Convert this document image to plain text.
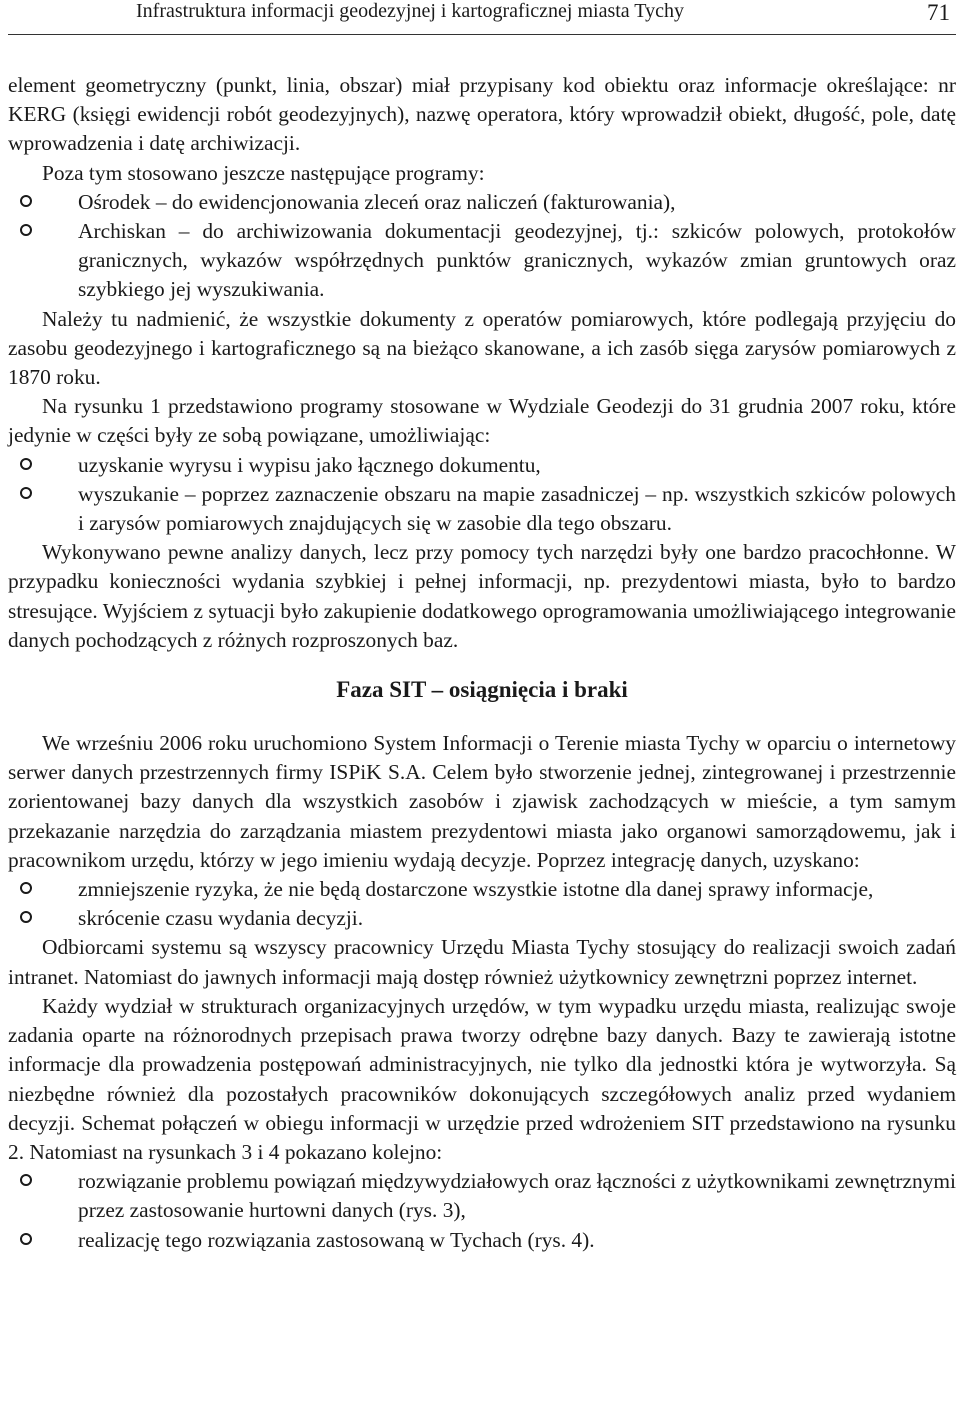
Infrastruktura informacji geodezyjnej i kartograficznej miasta Tychy	71

element geometryczny (punkt, linia, obszar) miał przypisany kod obiektu oraz informacje określające: nr KERG (księgi ewidencji robót geodezyjnych), nazwę operatora, który wprowadził obiekt, długość, pole, datę wprowadzenia i datę archiwizacji.

Poza tym stosowano jeszcze następujące programy:

Ośrodek – do ewidencjonowania zleceń oraz naliczeń (fakturowania),
Archiskan – do archiwizowania dokumentacji geodezyjnej, tj.: szkiców polowych, protokołów granicznych, wykazów współrzędnych punktów granicznych, wykazów zmian gruntowych oraz szybkiego jej wyszukiwania.

Należy tu nadmienić, że wszystkie dokumenty z operatów pomiarowych, które podlegają przyjęciu do zasobu geodezyjnego i kartograficznego są na bieżąco skanowane, a ich zasób sięga zarysów pomiarowych z 1870 roku.

Na rysunku 1 przedstawiono programy stosowane w Wydziale Geodezji do 31 grudnia 2007 roku, które jedynie w części były ze sobą powiązane, umożliwiając:

uzyskanie wyrysu i wypisu jako łącznego dokumentu,
wyszukanie – poprzez zaznaczenie obszaru na mapie zasadniczej – np. wszystkich szkiców polowych i zarysów pomiarowych znajdujących się w zasobie dla tego obszaru.

Wykonywano pewne analizy danych, lecz przy pomocy tych narzędzi były one bardzo pracochłonne. W przypadku konieczności wydania szybkiej i pełnej informacji, np. prezydentowi miasta, było to bardzo stresujące. Wyjściem z sytuacji było zakupienie dodatkowego oprogramowania umożliwiającego integrowanie danych pochodzących z różnych rozproszonych baz.

Faza SIT – osiągnięcia i braki

We wrześniu 2006 roku uruchomiono System Informacji o Terenie miasta Tychy w oparciu o internetowy serwer danych przestrzennych firmy ISPiK S.A. Celem było stworzenie jednej, zintegrowanej i przestrzennie zorientowanej bazy danych dla wszystkich zasobów i zjawisk zachodzących w mieście, a tym samym przekazanie narzędzia do zarządzania miastem prezydentowi miasta jako organowi samorządowemu, jak i pracownikom urzędu, którzy w jego imieniu wydają decyzje. Poprzez integrację danych, uzyskano:

zmniejszenie ryzyka, że nie będą dostarczone wszystkie istotne dla danej sprawy informacje,
skrócenie czasu wydania decyzji.

Odbiorcami systemu są wszyscy pracownicy Urzędu Miasta Tychy stosujący do realizacji swoich zadań intranet. Natomiast do jawnych informacji mają dostęp również użytkownicy zewnętrzni poprzez internet.

Każdy wydział w strukturach organizacyjnych urzędów, w tym wypadku urzędu miasta, realizując swoje zadania oparte na różnorodnych przepisach prawa tworzy odrębne bazy danych. Bazy te zawierają istotne informacje dla prowadzenia postępowań administracyjnych, nie tylko dla jednostki która je wytworzyła. Są niezbędne również dla pozostałych pracowników dokonujących szczegółowych analiz przed wydaniem decyzji. Schemat połączeń w obiegu informacji w urzędzie przed wdrożeniem SIT przedstawiono na rysunku 2. Natomiast na rysunkach 3 i 4 pokazano kolejno:

rozwiązanie problemu powiązań międzywydziałowych oraz łączności z użytkownikami zewnętrznymi przez zastosowanie hurtowni danych (rys. 3),
realizację tego rozwiązania zastosowaną w Tychach (rys. 4).
